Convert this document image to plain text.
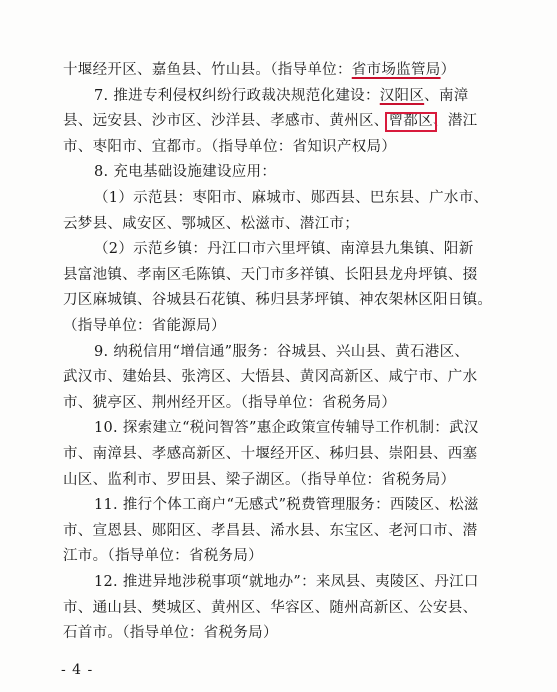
十堰经开区、嘉鱼县、竹山县。（指导单位：省市场监管局）
7. 推进专利侵权纠纷行政裁决规范化建设：汉阳区、南漳
县、远安县、沙市区、沙洋县、孝感市、黄州区、曾都区、潜江
市、枣阳市、宜都市。（指导单位：省知识产权局）
8. 充电基础设施建设应用：
（1）示范县：枣阳市、麻城市、郧西县、巴东县、广水市、
云梦县、咸安区、鄂城区、松滋市、潜江市；
（2）示范乡镇：丹江口市六里坪镇、南漳县九集镇、阳新
县富池镇、孝南区毛陈镇、天门市多祥镇、长阳县龙舟坪镇、掇
刀区麻城镇、谷城县石花镇、秭归县茅坪镇、神农架林区阳日镇。
（指导单位：省能源局）
9. 纳税信用“增信通”服务：谷城县、兴山县、黄石港区、
武汉市、建始县、张湾区、大悟县、黄冈高新区、咸宁市、广水
市、猇亭区、荆州经开区。（指导单位：省税务局）
10. 探索建立“税问智答”惠企政策宣传辅导工作机制：武汉
市、南漳县、孝感高新区、十堰经开区、秭归县、崇阳县、西塞
山区、监利市、罗田县、梁子湖区。（指导单位：省税务局）
11. 推行个体工商户“无感式”税费管理服务：西陵区、松滋
市、宣恩县、郧阳区、孝昌县、浠水县、东宝区、老河口市、潜
江市。（指导单位：省税务局）
12. 推进异地涉税事项“就地办”：来凤县、夷陵区、丹江口
市、通山县、樊城区、黄州区、华容区、随州高新区、公安县、
石首市。（指导单位：省税务局）
- 4 -
